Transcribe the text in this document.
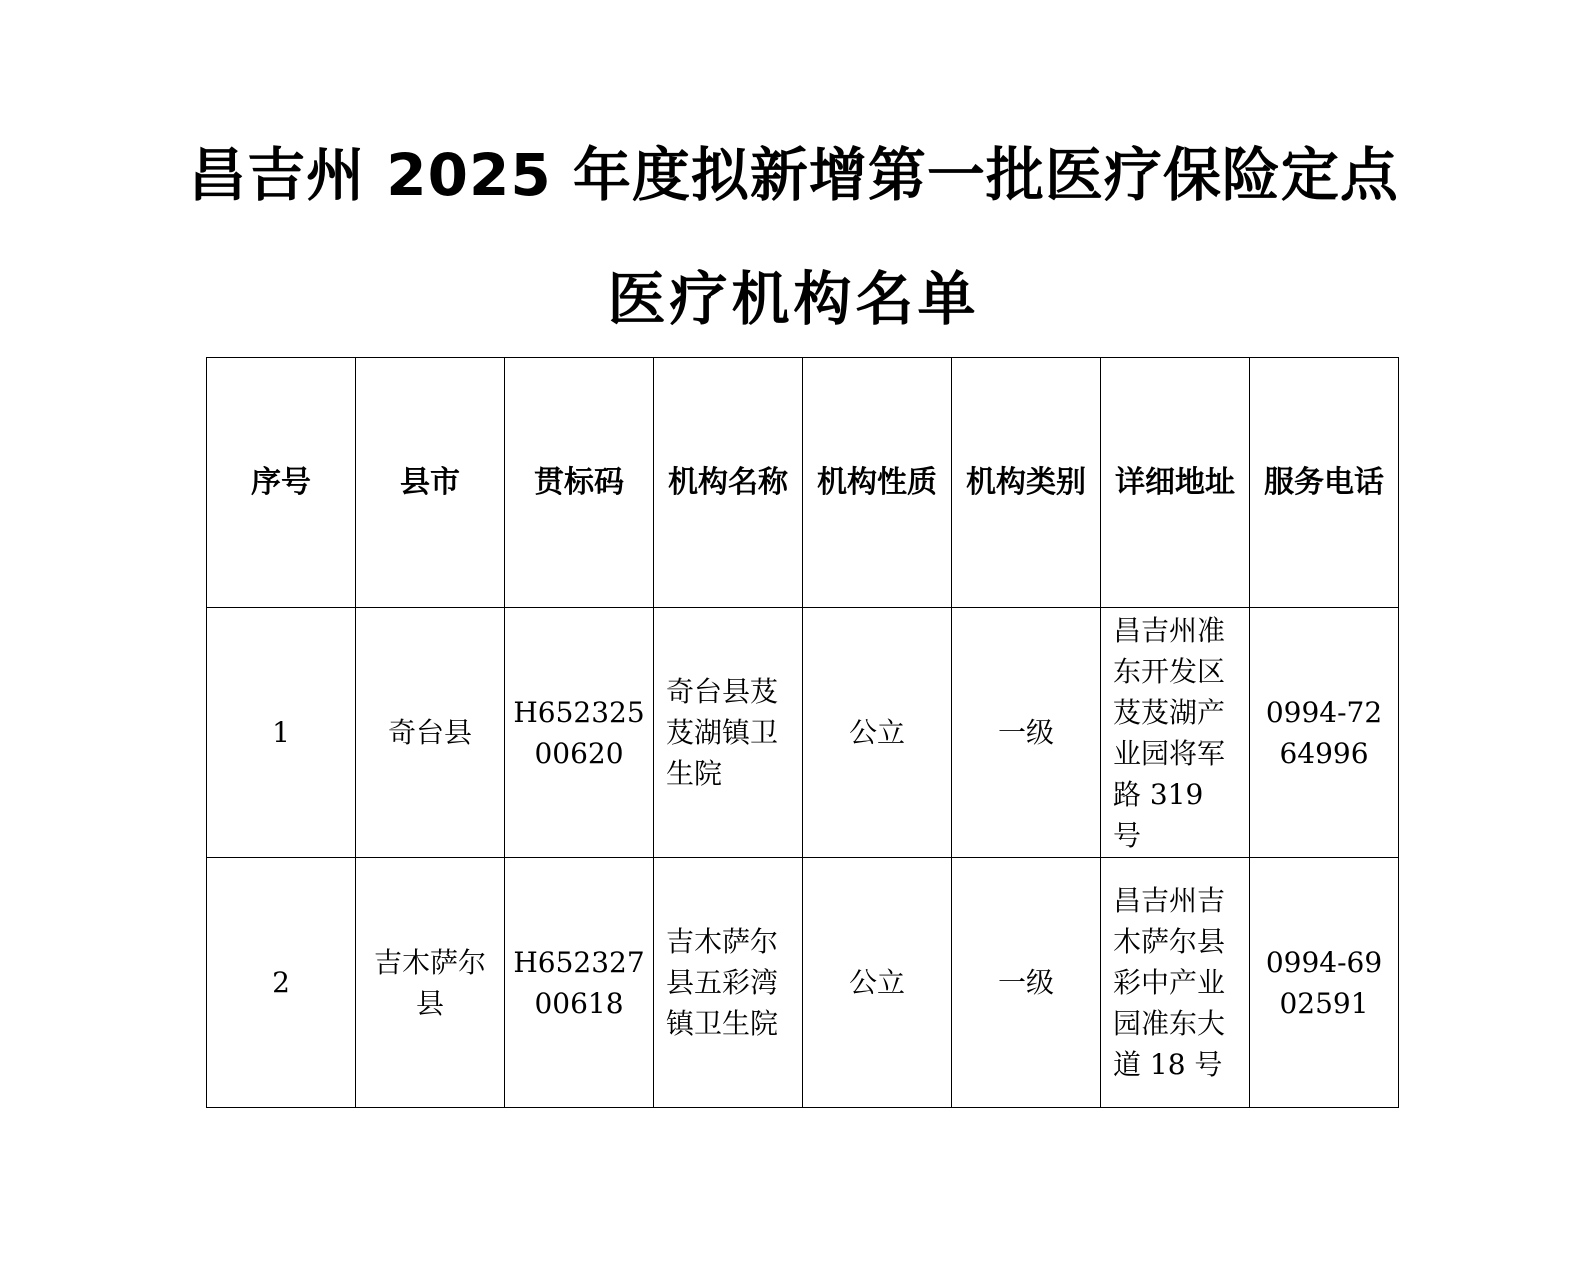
昌吉州 2025 年度拟新增第一批医疗保险定点
医疗机构名单
序号	县市	贯标码	机构名称	机构性质	机构类别	详细地址	服务电话
1	奇台县	H65232500620	奇台县芨芨湖镇卫生院	公立	一级	昌吉州准东开发区芨芨湖产业园将军路 319 号	0994-7264996
2	吉木萨尔县	H65232700618	吉木萨尔县五彩湾镇卫生院	公立	一级	昌吉州吉木萨尔县彩中产业园准东大道 18 号	0994-6902591
